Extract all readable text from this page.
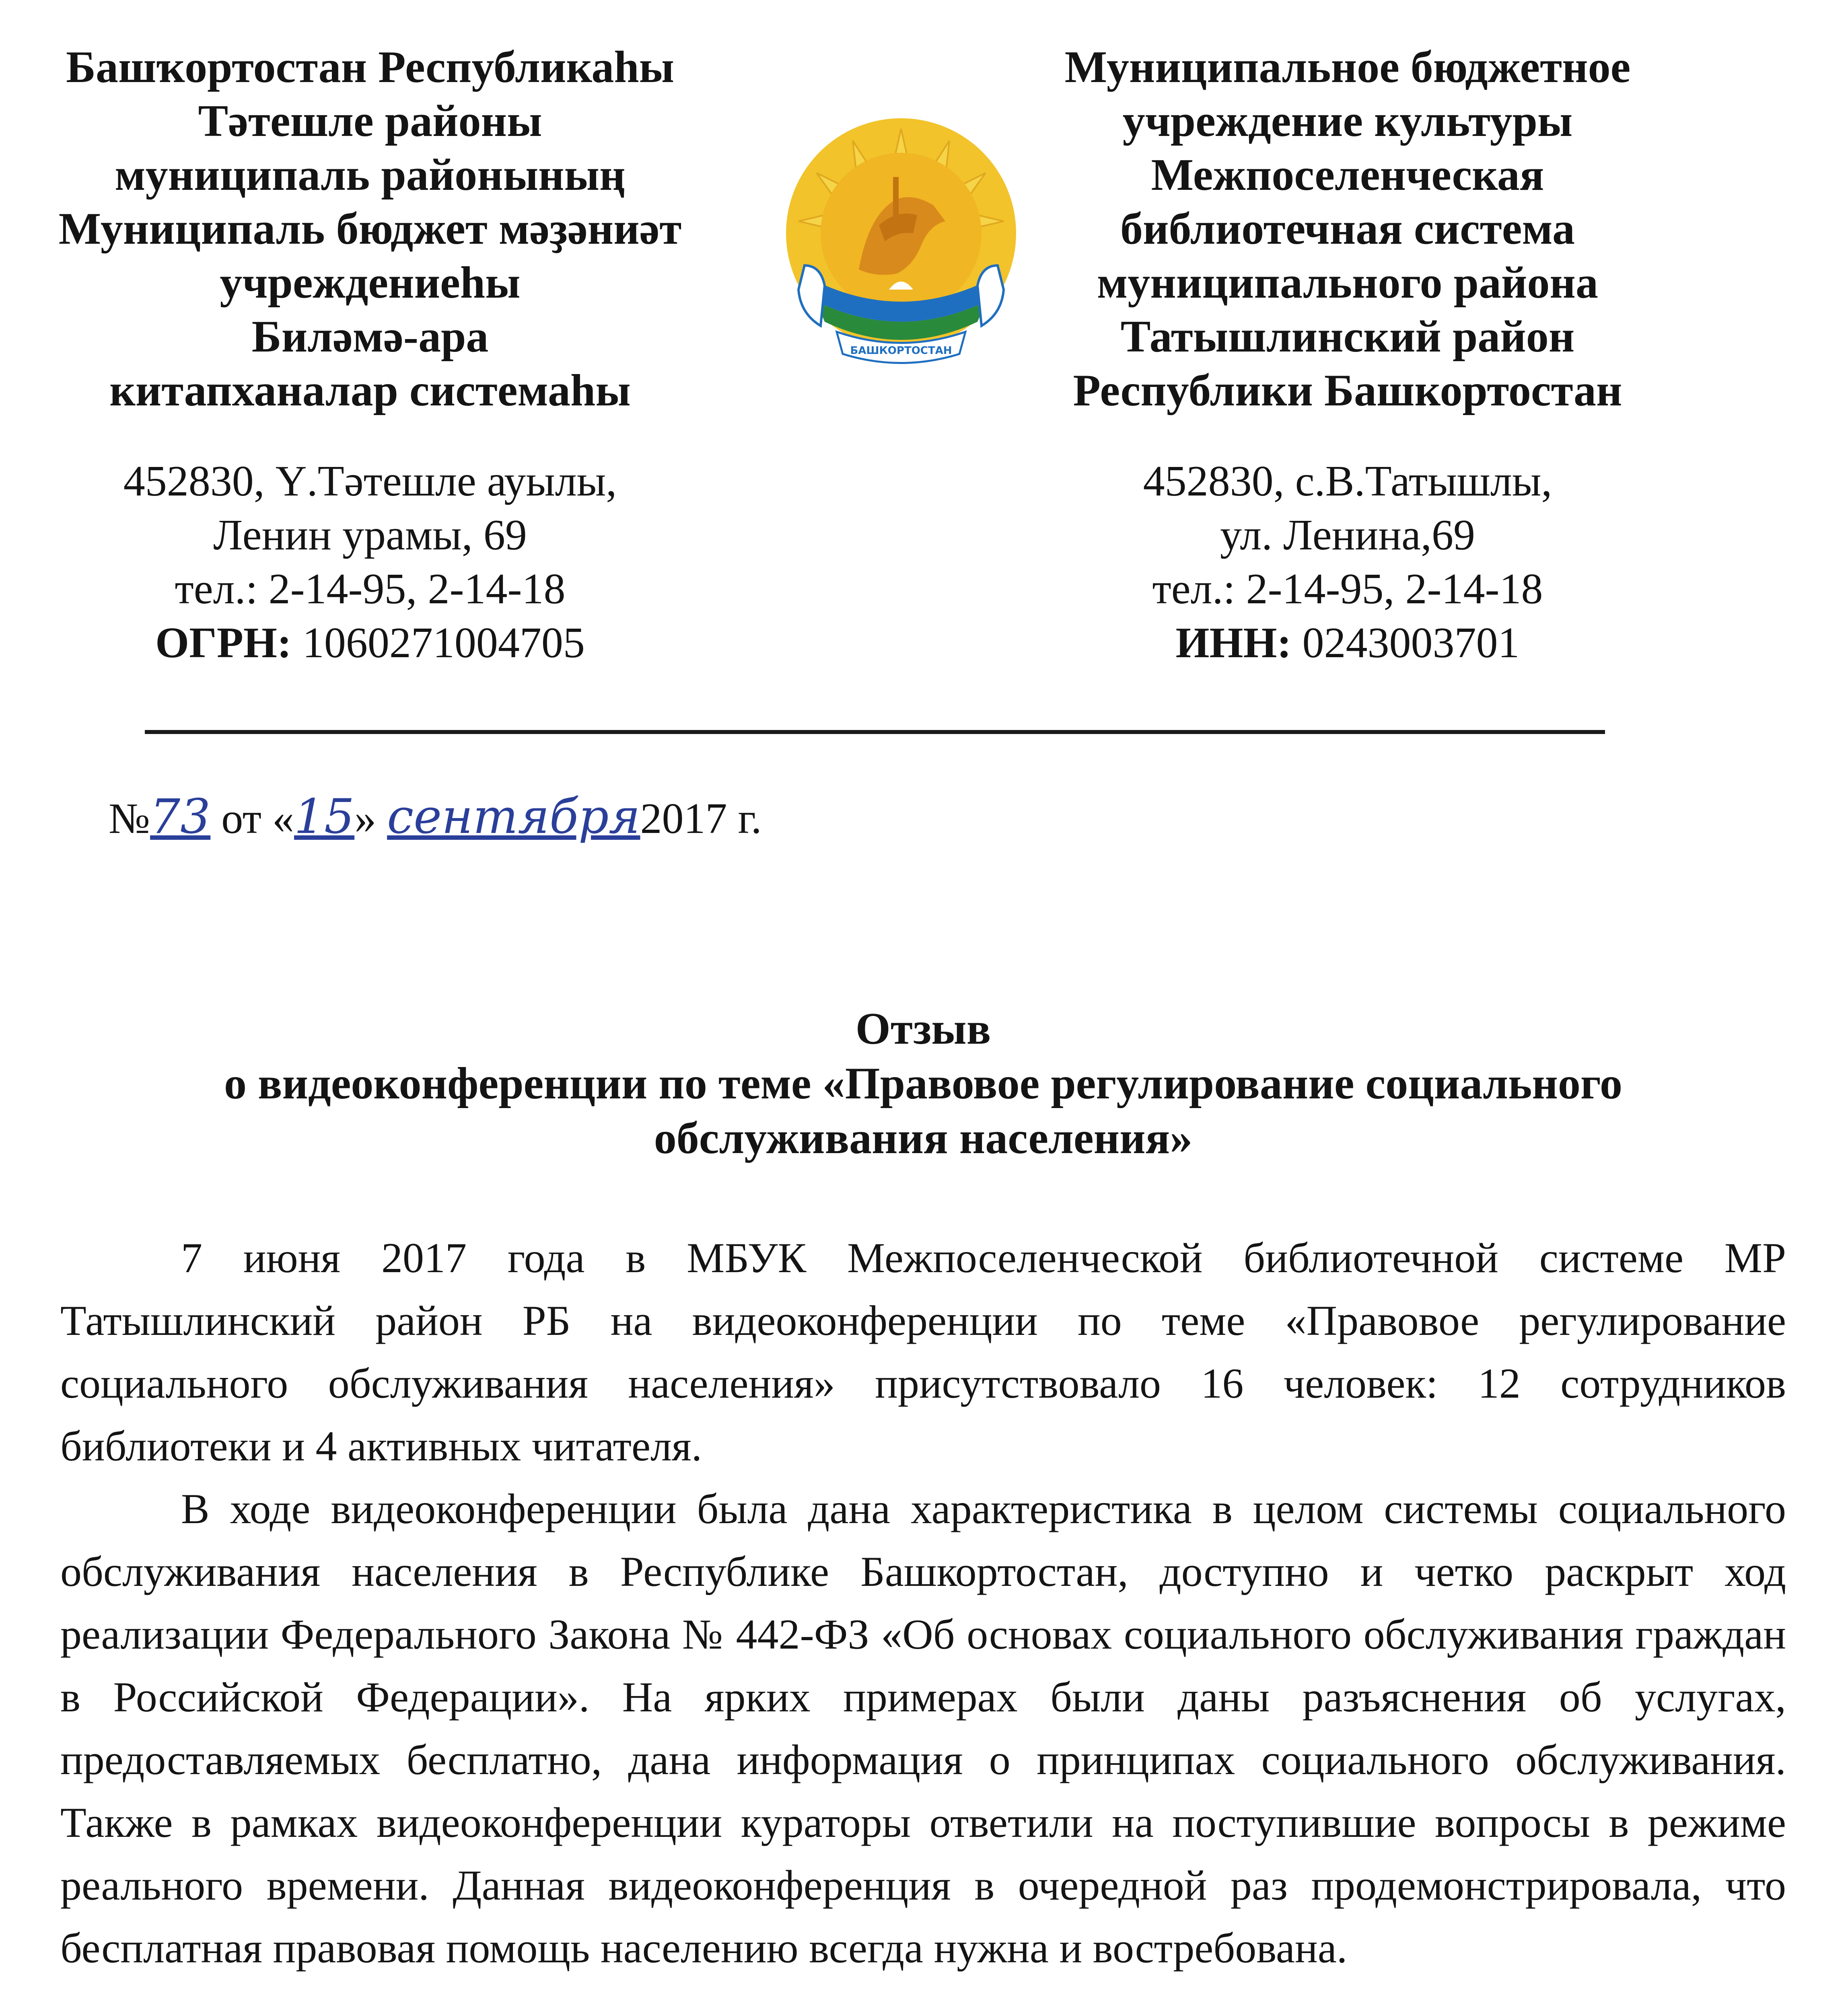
Башҡортостан Республикаhы
Тәтешле районы
муниципаль районының
Муниципаль бюджет мәҙәниәт
учреждениеhы
Биләмә-ара
китапханалар системаhы
Муниципальное бюджетное
учреждение культуры
Межпоселенческая
библиотечная система
муниципального района
Татышлинский район
Республики Башкортостан
БАШКОРТОСТАН
452830, Ү.Тәтешле ауылы,
Ленин урамы, 69
тел.: 2-14-95, 2-14-18
ОГРН: 1060271004705
452830, с.В.Татышлы,
ул. Ленина,69
тел.: 2-14-95, 2-14-18
ИНН: 0243003701
№73 от «15» сентября2017 г.
Отзыв
о видеоконференции по теме «Правовое регулирование социального
обслуживания населения»

7 июня 2017 года в МБУК Межпоселенческой библиотечной системе МР Татышлинский район РБ на видеоконференции по теме «Правовое регулирование социального обслуживания населения» присутствовало 16 человек: 12 сотрудников библиотеки и 4 активных читателя.

В ходе видеоконференции была дана характеристика в целом системы социального обслуживания населения в Республике Башкортостан, доступно и четко раскрыт ход реализации Федерального Закона № 442-ФЗ «Об основах социального обслуживания граждан в Российской Федерации». На ярких примерах были даны разъяснения об услугах, предоставляемых бесплатно, дана информация о принципах социального обслуживания. Также в рамках видеоконференции кураторы ответили на поступившие вопросы в режиме реального времени. Данная видеоконференция в очередной раз продемонстрировала, что бесплатная правовая помощь населению всегда нужна и востребована.
